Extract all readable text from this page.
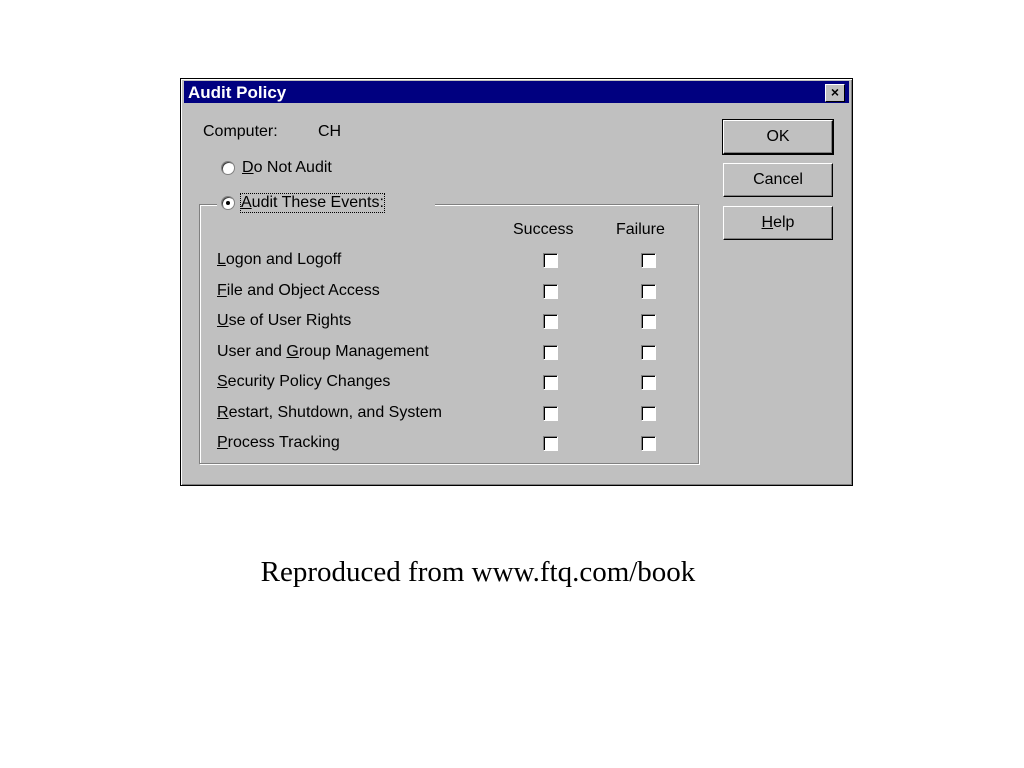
Audit Policy	×
Computer:	CH
Do Not Audit
Audit These Events:
Success	Failure
Logon and Logoff
File and Object Access
Use of User Rights
User and Group Management
Security Policy Changes
Restart, Shutdown, and System
Process Tracking
OK
Cancel
Help
Reproduced from www.ftq.com/book
